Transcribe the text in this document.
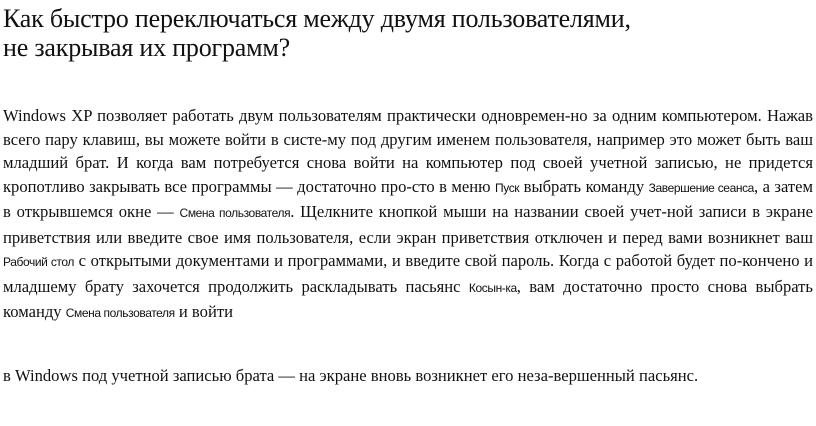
Как быстро переключаться между двумя пользователями,
не закрывая их программ?

Windows XP позволяет работать двум пользователям практически одновремен-но за одним компьютером. Нажав всего пару клавиш, вы можете войти в систе-му под другим именем пользователя, например это может быть ваш младший брат. И когда вам потребуется снова войти на компьютер под своей учетной записью, не придется кропотливо закрывать все программы — достаточно про-сто в меню Пуск выбрать команду Завершение сеанса, а затем в открывшемся окне — Смена пользователя. Щелкните кнопкой мыши на названии своей учет-ной записи в экране приветствия или введите свое имя пользователя, если экран приветствия отключен и перед вами возникнет ваш Рабочий стол с открытыми документами и программами, и введите свой пароль. Когда с работой будет по-кончено и младшему брату захочется продолжить раскладывать пасьянс Косын-ка, вам достаточно просто снова выбрать команду Смена пользователя и войти

в Windows под учетной записью брата — на экране вновь возникнет его неза-вершенный пасьянс.
